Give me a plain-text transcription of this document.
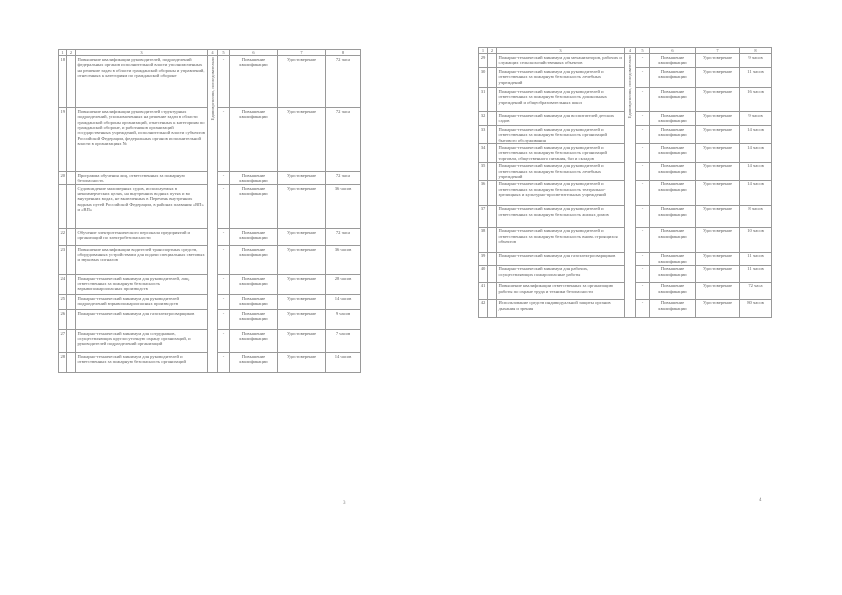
1	2	3	4	5	6	7	8
18		Повышение квалификации руководителей, подразделений федеральных органов исполнительной власти уполномоченных на решение задач в области гражданской обороны и управлений, отнесенных к категориям по гражданской обороне	Единовременно, последовательно	-	Повышение квалификации	Удостоверение	72 часа
19		Повышение квалификации руководителей структурных подразделений, уполномоченных на решение задач в области гражданской обороны организаций, отнесенных к категориям по гражданской обороне, и работников организаций государственных учреждений, исполнительной власти субъектов Российской Федерации, федеральных органов исполнительной власти в организациях №		-	Повышение квалификации	Удостоверение	72 часа
20		Программа обучения лиц, ответственных за пожарную безопасность		-	Повышение квалификации	Удостоверение	72 часа
		Судовождение маломерных судов, используемых в некоммерческих целях, на внутренних водных путях и во внутренних водах, не включенных в Перечень внутренних водных путей Российской Федерации, в районах плавания «ВП» и «ВП»		-	Повышение квалификации	Удостоверение	36 часов
22		Обучение электротехнического персонала предприятий и организаций по электробезопасности		-	Повышение квалификации	Удостоверение	72 часа
23		Повышение квалификации водителей транспортных средств, оборудованных устройствами для подачи специальных световых и звуковых сигналов		-	Повышение квалификации	Удостоверение	36 часов
24		Пожарно-технический минимум для руководителей, лиц, ответственных за пожарную безопасность взрывопожароопасных производств		-	Повышение квалификации	Удостоверение	28 часов
25		Пожарно-технический минимум для руководителей подразделений взрывопожароопасных производств		-	Повышение квалификации	Удостоверение	14 часов
26		Пожарно-технический минимум для газоэлектросварщиков		-	Повышение квалификации	Удостоверение	9 часов
27		Пожарно-технический минимум для сотрудников, осуществляющих круглосуточную охрану организаций, и руководителей подразделений организаций		-	Повышение квалификации	Удостоверение	7 часов
28		Пожарно-технический минимум для руководителей и ответственных за пожарную безопасность организаций		-	Повышение квалификации	Удостоверение	14 часов
3
1	2	3	4	5	6	7	8
29		Пожарно-технический минимум для механизаторов, рабочих и служащих сельскохозяйственных объектов	Единовременно, последовательно	-	Повышение квалификации	Удостоверение	9 часов
30		Пожарно-технический минимум для руководителей и ответственных за пожарную безопасность лечебных учреждений		-	Повышение квалификации	Удостоверение	11 часов
31		Пожарно-технический минимум для руководителей и ответственных за пожарную безопасность дошкольных учреждений и общеобразовательных школ		-	Повышение квалификации	Удостоверение	16 часов
32		Пожарно-технический минимум для воспитателей детских садов		-	Повышение квалификации	Удостоверение	9 часов
33		Пожарно-технический минимум для руководителей и ответственных за пожарную безопасность организаций бытового обслуживания		-	Повышение квалификации	Удостоверение	14 часов
34		Пожарно-технический минимум для руководителей и ответственных за пожарную безопасность организаций торговли, общественного питания, баз и складов		-	Повышение квалификации	Удостоверение	14 часов
35		Пожарно-технический минимум для руководителей и ответственных за пожарную безопасность лечебных учреждений		-	Повышение квалификации	Удостоверение	14 часов
36		Пожарно-технический минимум для руководителей и ответственных за пожарную безопасность театрально-зрелищных и культурно-просветительных учреждений		-	Повышение квалификации	Удостоверение	14 часов
37		Пожарно-технический минимум для руководителей и ответственных за пожарную безопасность жилых домов		-	Повышение квалификации	Удостоверение	8 часов
38		Пожарно-технический минимум для руководителей и ответственных за пожарную безопасность вновь строящихся объектов		-	Повышение квалификации	Удостоверение	10 часов
39		Пожарно-технический минимум для газоэлектросварщиков		-	Повышение квалификации	Удостоверение	11 часов
40		Пожарно-технический минимум для рабочих, осуществляющих пожароопасные работы		-	Повышение квалификации	Удостоверение	11 часов
41		Повышение квалификации ответственных за организацию работы по охране труда и техники безопасности		-	Повышение квалификации	Удостоверение	72 часа
42		Использование средств индивидуальной защиты органов дыхания и зрения		-	Повышение квалификации	Удостоверение	80 часов
4
